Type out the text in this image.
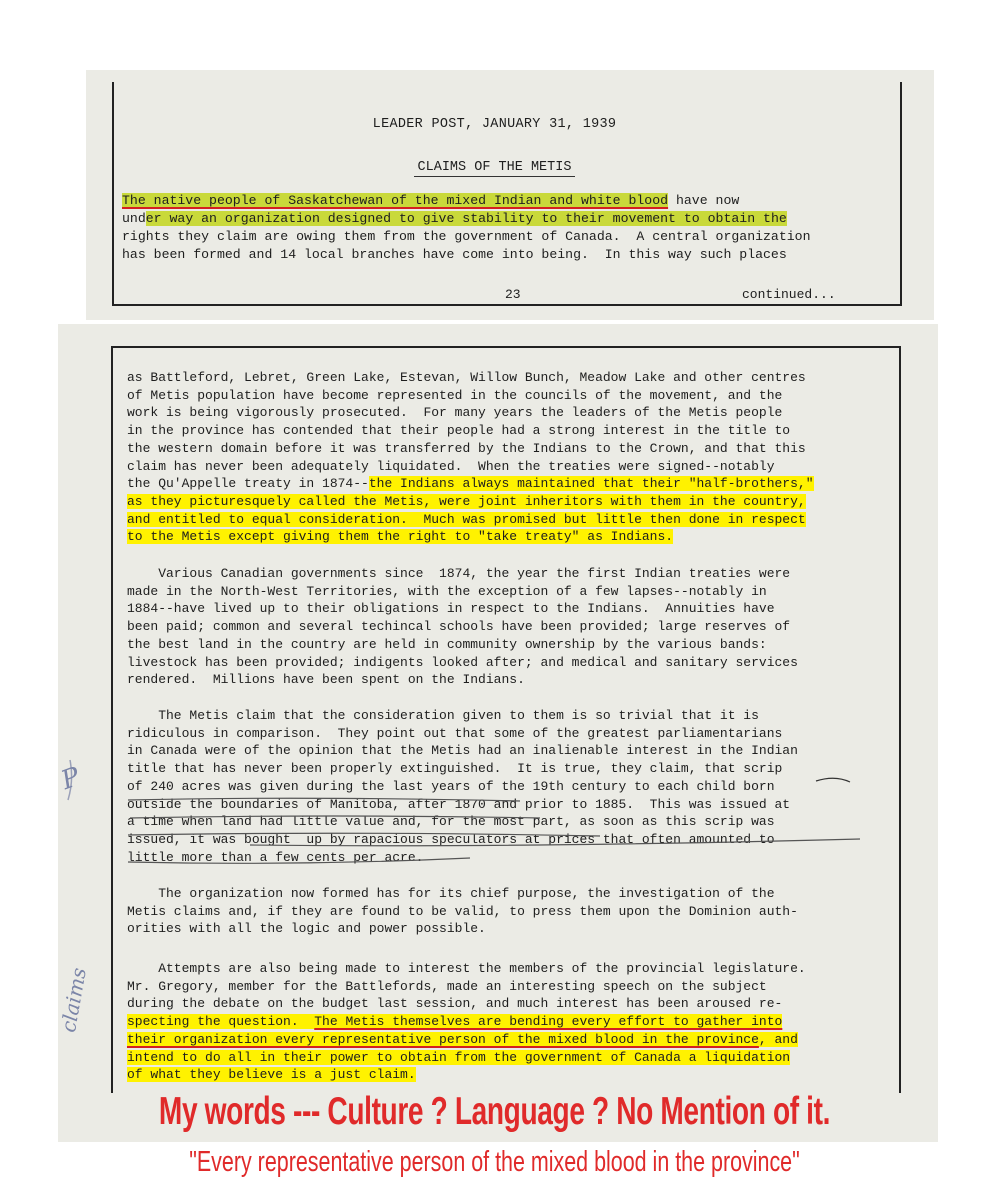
LEADER POST, JANUARY 31, 1939
CLAIMS OF THE METIS
The native people of Saskatchewan of the mixed Indian and white blood have now
under way an organization designed to give stability to their movement to obtain the
rights they claim are owing them from the government of Canada.  A central organization
has been formed and 14 local branches have come into being.  In this way such places
23	continued...
as Battleford, Lebret, Green Lake, Estevan, Willow Bunch, Meadow Lake and other centres
of Metis population have become represented in the councils of the movement, and the
work is being vigorously prosecuted.  For many years the leaders of the Metis people
in the province has contended that their people had a strong interest in the title to
the western domain before it was transferred by the Indians to the Crown, and that this
claim has never been adequately liquidated.  When the treaties were signed--notably
the Qu'Appelle treaty in 1874--the Indians always maintained that their "half-brothers,"
as they picturesquely called the Metis, were joint inheritors with them in the country,
and entitled to equal consideration.  Much was promised but little then done in respect
to the Metis except giving them the right to "take treaty" as Indians.
Various Canadian governments since  1874, the year the first Indian treaties were
made in the North-West Territories, with the exception of a few lapses--notably in
1884--have lived up to their obligations in respect to the Indians.  Annuities have
been paid; common and several techincal schools have been provided; large reserves of
the best land in the country are held in community ownership by the various bands:
livestock has been provided; indigents looked after; and medical and sanitary services
rendered.  Millions have been spent on the Indians.
The Metis claim that the consideration given to them is so trivial that it is
ridiculous in comparison.  They point out that some of the greatest parliamentarians
in Canada were of the opinion that the Metis had an inalienable interest in the Indian
title that has never been properly extinguished.  It is true, they claim, that scrip
of 240 acres was given during the last years of the 19th century to each child born
outside the boundaries of Manitoba, after 1870 and prior to 1885.  This was issued at
a time when land had little value and, for the most part, as soon as this scrip was
issued, it was bought  up by rapacious speculators at prices that often amounted to
little more than a few cents per acre.
The organization now formed has for its chief purpose, the investigation of the
Metis claims and, if they are found to be valid, to press them upon the Dominion auth-
orities with all the logic and power possible.
Attempts are also being made to interest the members of the provincial legislature.
Mr. Gregory, member for the Battlefords, made an interesting speech on the subject
during the debate on the budget last session, and much interest has been aroused re-
specting the question.  The Metis themselves are bending every effort to gather into
their organization every representative person of the mixed blood in the province, and
intend to do all in their power to obtain from the government of Canada a liquidation
of what they believe is a just claim.
P
claims
My words --- Culture ? Language ? No Mention of it.
"Every representative person of the mixed blood in the province"
